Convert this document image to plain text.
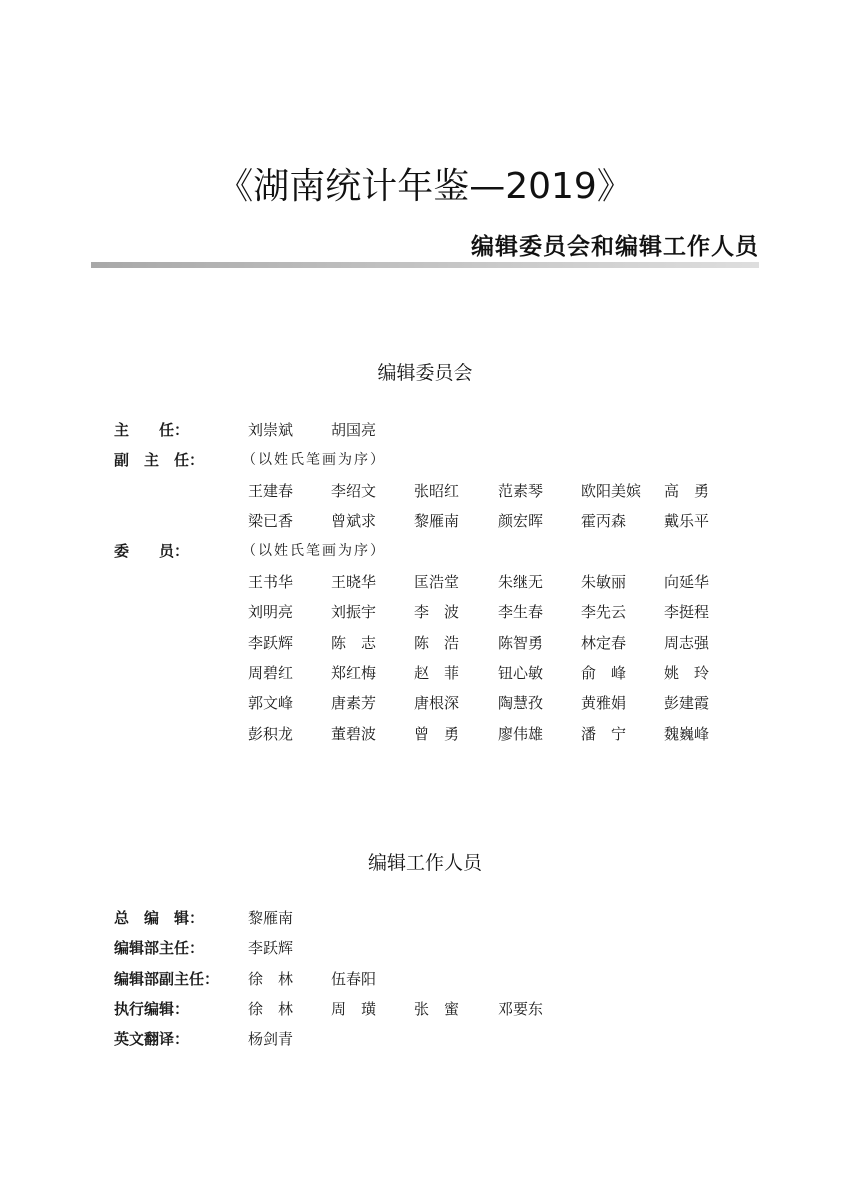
《湖南统计年鉴—2019》
编辑委员会和编辑工作人员
编辑委员会
主　　任：	刘崇斌	胡国亮
副　主　任：	（以姓氏笔画为序）
王建春	李绍文	张昭红	范素琴	欧阳美嫔	高　勇
梁已香	曾斌求	黎雁南	颜宏晖	霍丙森	戴乐平
委　　员：	（以姓氏笔画为序）
王书华	王晓华	匡浩堂	朱继无	朱敏丽	向延华
刘明亮	刘振宇	李　波	李生春	李先云	李挺程
李跃辉	陈　志	陈　浩	陈智勇	林定春	周志强
周碧红	郑红梅	赵　菲	钮心敏	俞　峰	姚　玲
郭文峰	唐素芳	唐根深	陶慧孜	黄雅娟	彭建霞
彭积龙	董碧波	曾　勇	廖伟雄	潘　宁	魏巍峰
编辑工作人员
总　编　辑：	黎雁南
编辑部主任：	李跃辉
编辑部副主任：	徐　林	伍春阳
执行编辑：	徐　林	周　璜	张　蜜	邓要东
英文翻译：	杨剑青
